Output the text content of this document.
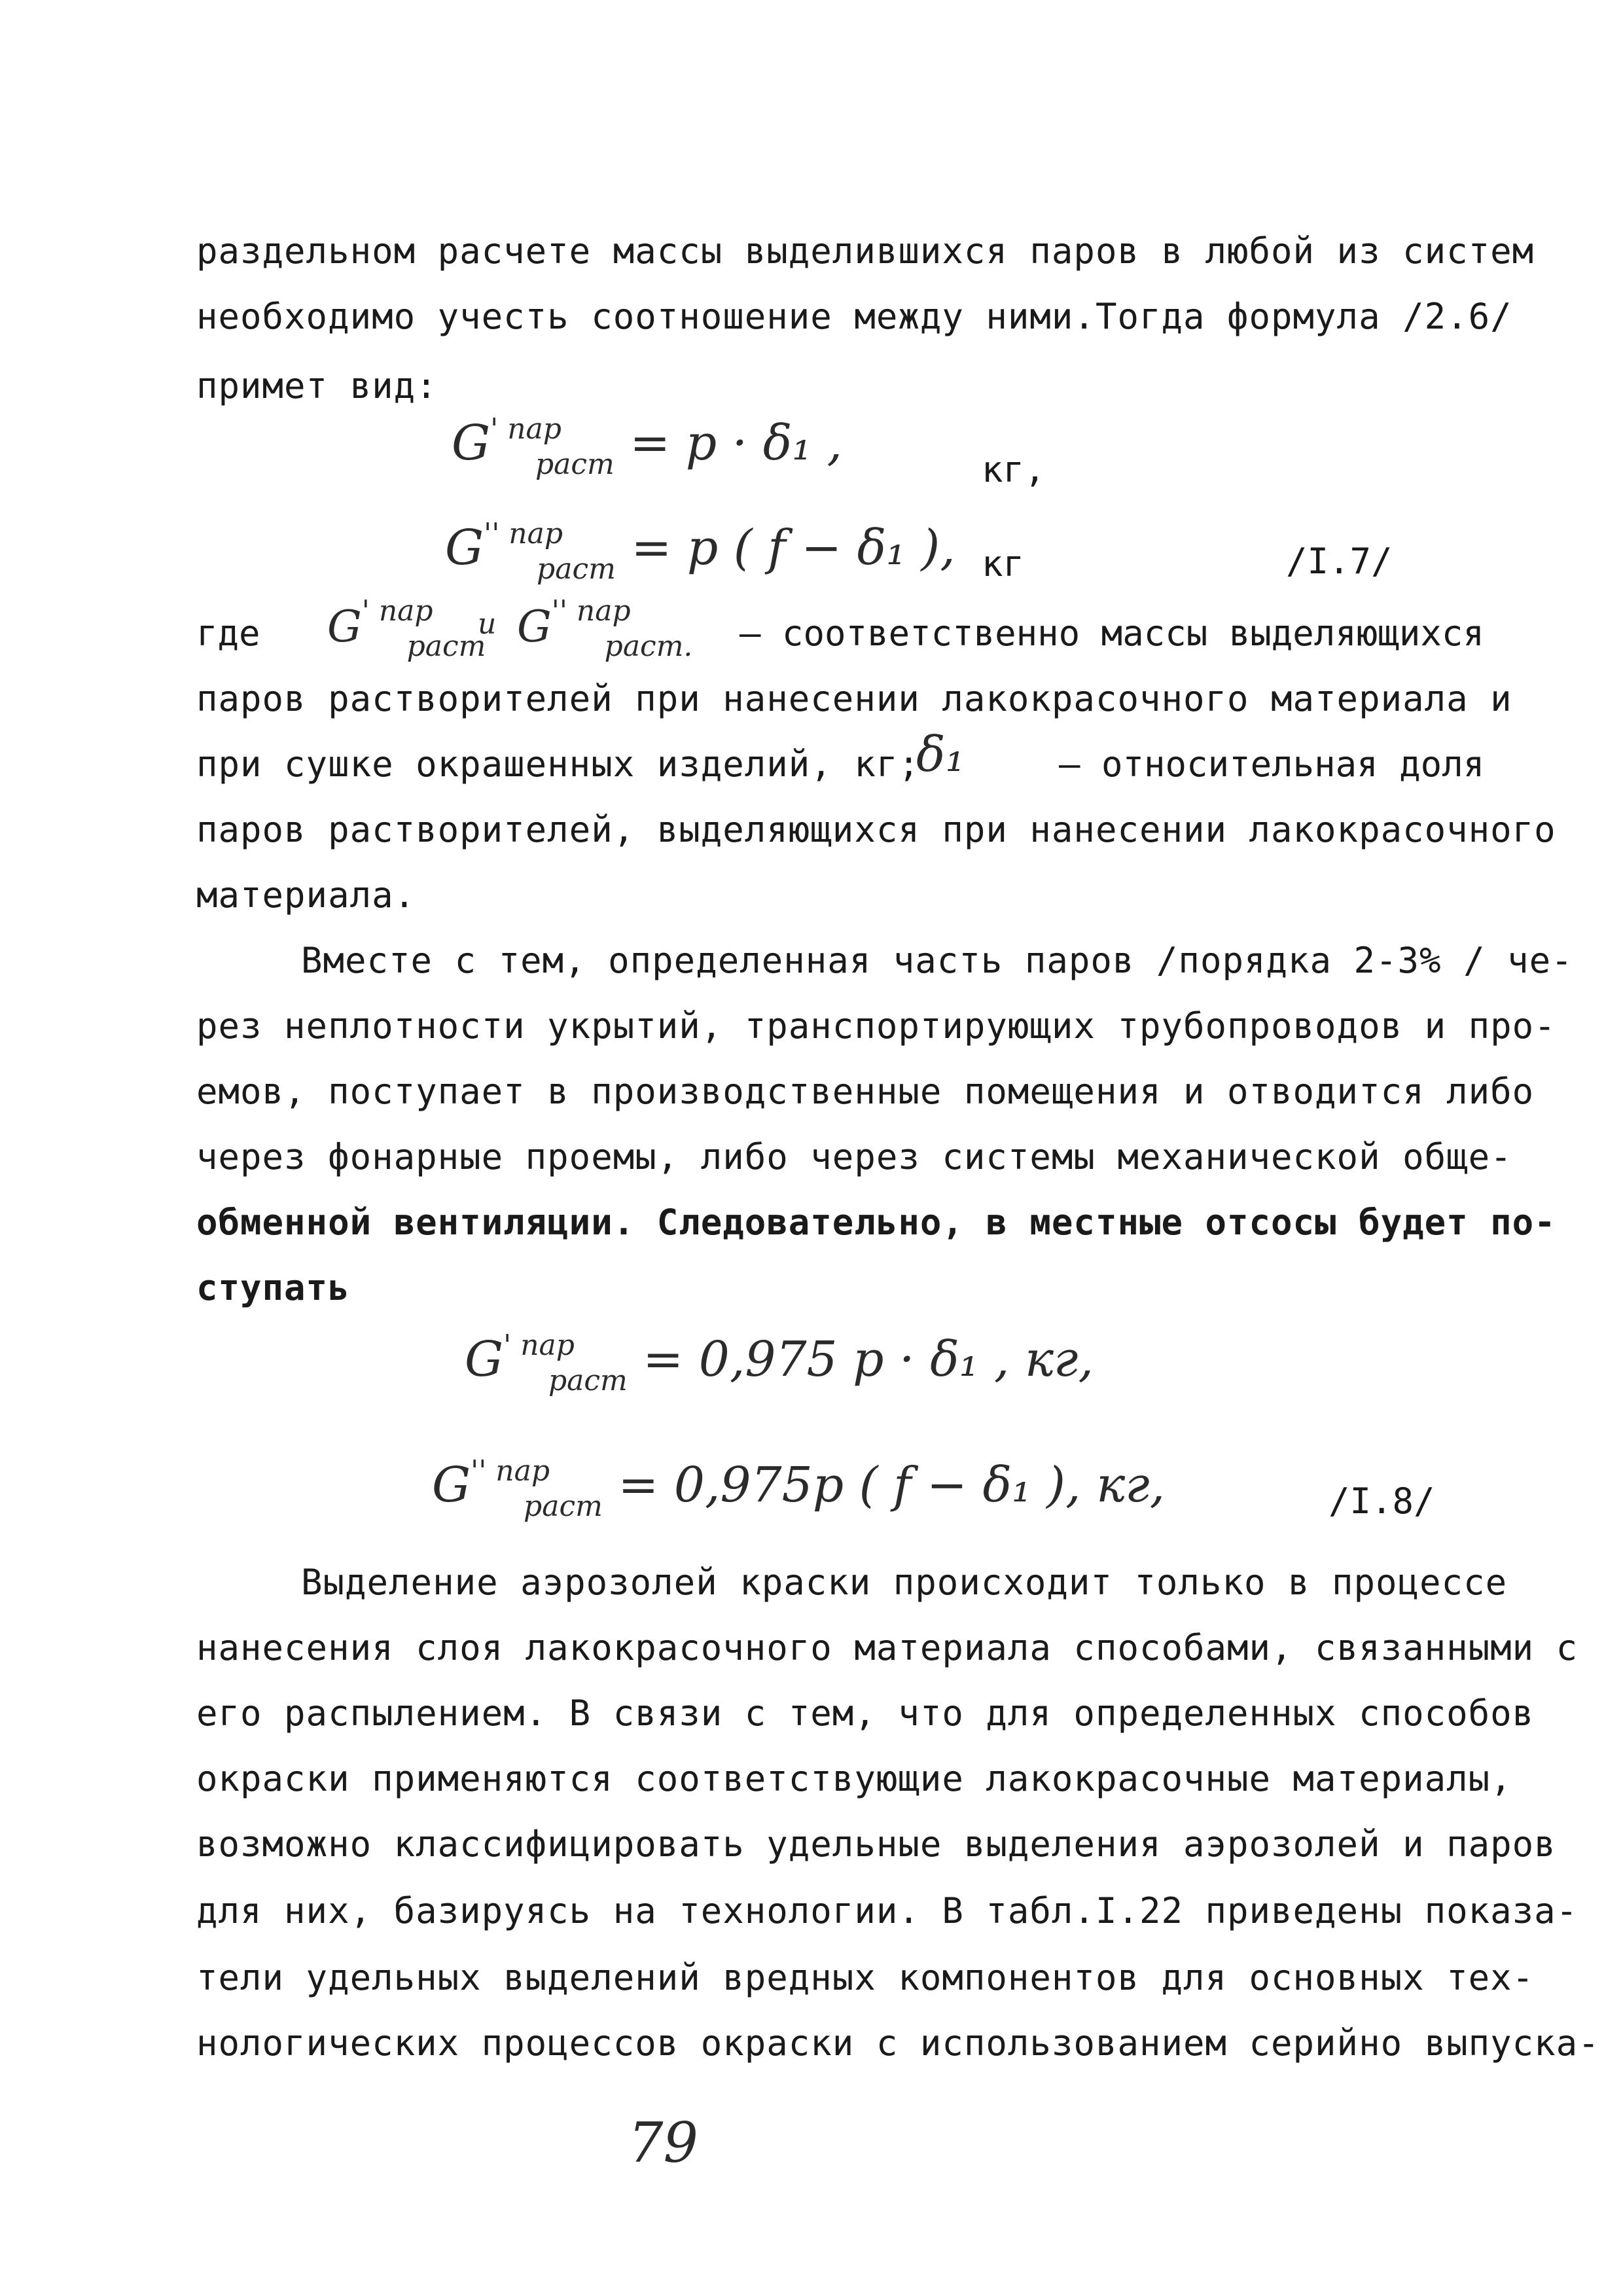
раздельном расчете массы выделившихся паров в любой из систем
необходимо учесть соотношение между ними.Тогда формула /2.6/
примет вид:
$G^{' пар}_{раст} = р \cdot \delta_1$ ,	кг,
$G^{'' пар}_{раст} = р$ ( f − δ₁ ), кг	/I.7/
где $G^{' пар}_{раст}$
и $G^{'' пар}_{раст.}$ – соответственно массы выделяющихся
паров растворителей при нанесении лакокрасочного материала и
при сушке окрашенных изделий, кг;
δ₁	– относительная доля
паров растворителей, выделяющихся при нанесении лакокрасочного
материала.
Вместе с тем, определенная часть паров /порядка 2-3% / че-
рез неплотности укрытий, транспортирующих трубопроводов и про-
емов, поступает в производственные помещения и отводится либо
через фонарные проемы, либо через системы механической обще-
обменной вентиляции. Следовательно, в местные отсосы будет по-
ступать
$G^{' пар}_{раст} = 0,975$ р · δ₁ , кг,
$G^{'' пар}_{раст} = 0,975р$ ( f − δ₁ ), кг,	/I.8/
Выделение аэрозолей краски происходит только в процессе
нанесения слоя лакокрасочного материала способами, связанными с
его распылением. В связи с тем, что для определенных способов
окраски применяются соответствующие лакокрасочные материалы,
возможно классифицировать удельные выделения аэрозолей и паров
для них, базируясь на технологии. В табл.I.22 приведены показа-
тели удельных выделений вредных компонентов для основных тех-
нологических процессов окраски с использованием серийно выпуска-
79
